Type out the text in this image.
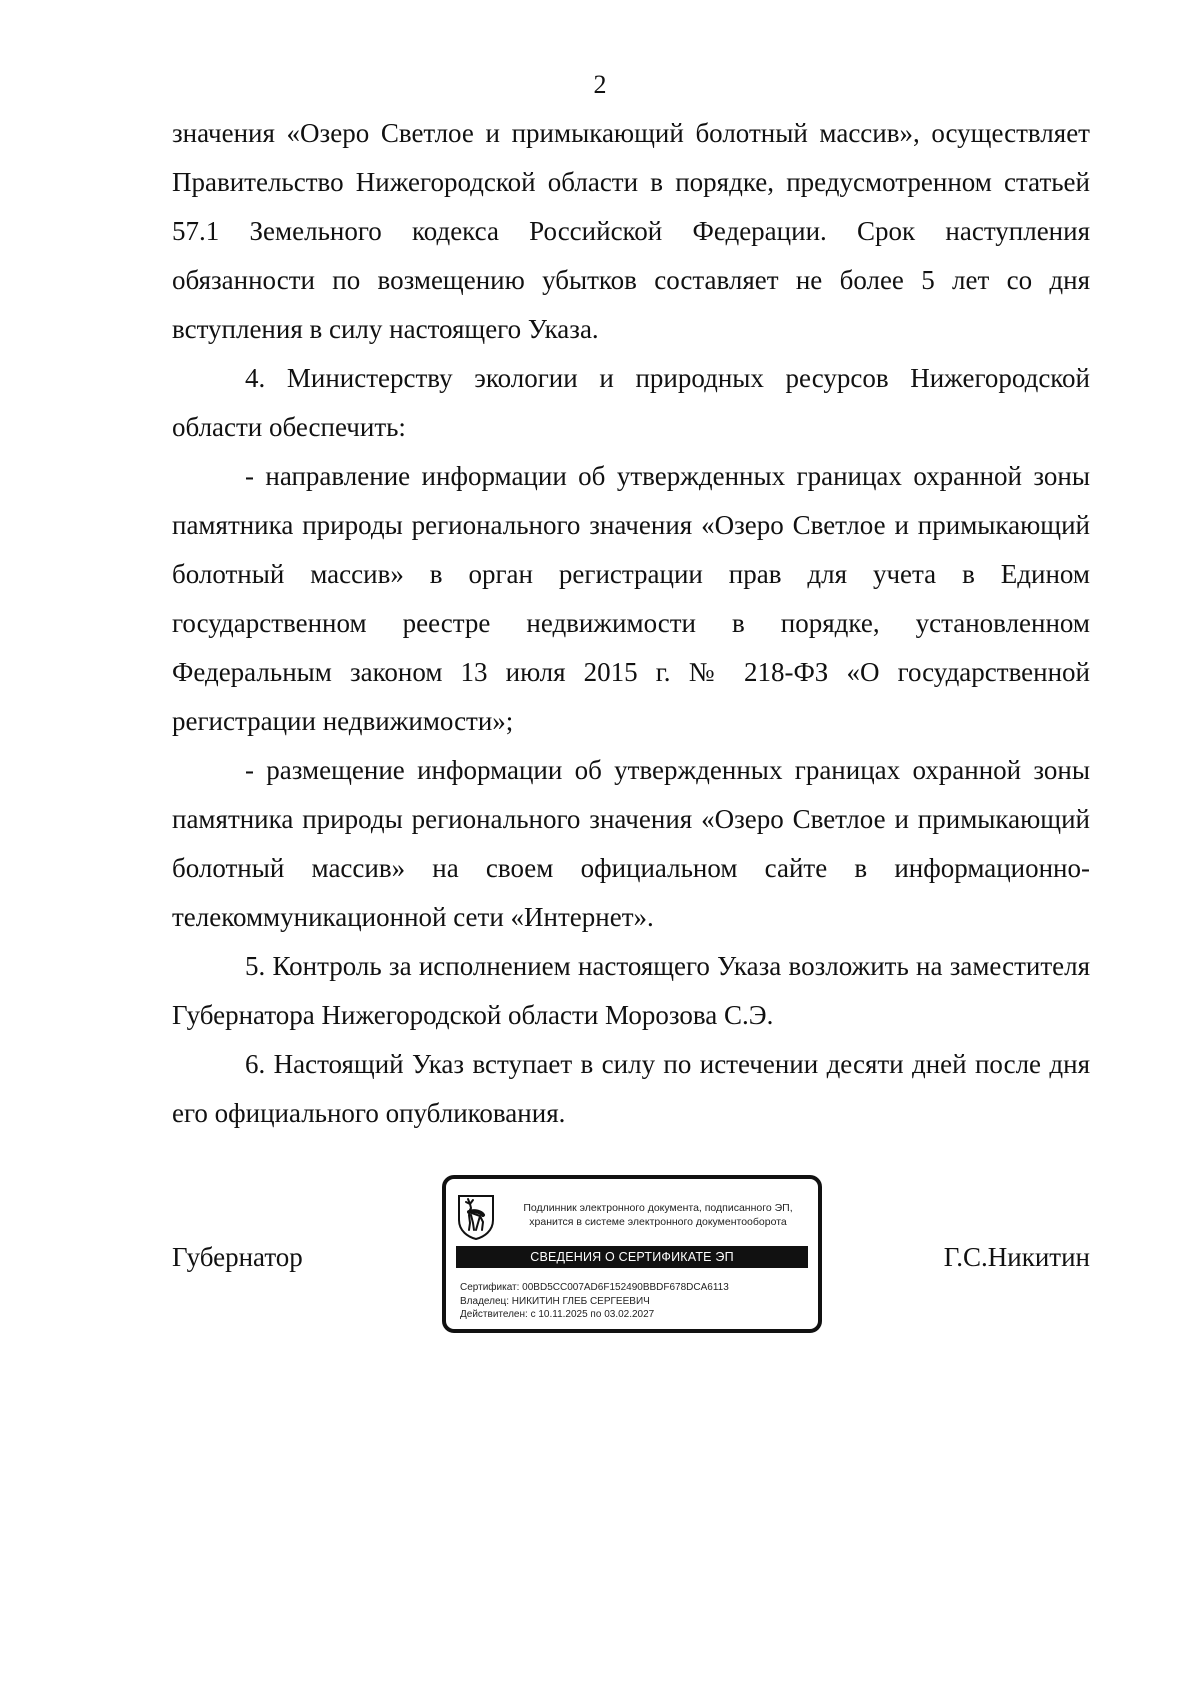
2

значения «Озеро Светлое и примыкающий болотный массив», осуществляет Правительство Нижегородской области в порядке, предусмотренном статьей 57.1 Земельного кодекса Российской Федерации. Срок наступления обязанности по возмещению убытков составляет не более 5 лет со дня вступления в силу настоящего Указа.

4. Министерству экологии и природных ресурсов Нижегородской области обеспечить:

- направление информации об утвержденных границах охранной зоны памятника природы регионального значения «Озеро Светлое и примыкающий болотный массив» в орган регистрации прав для учета в Едином государственном реестре недвижимости в порядке, установленном Федеральным законом 13 июля 2015 г. № 218-ФЗ «О государственной регистрации недвижимости»;

- размещение информации об утвержденных границах охранной зоны памятника природы регионального значения «Озеро Светлое и примыкающий болотный массив» на своем официальном сайте в информационно-телекоммуникационной сети «Интернет».

5. Контроль за исполнением настоящего Указа возложить на заместителя Губернатора Нижегородской области Морозова С.Э.

6. Настоящий Указ вступает в силу по истечении десяти дней после дня его официального опубликования.

Губернатор
Подлинник электронного документа, подписанного ЭП,
хранится в системе электронного документооборота
СВЕДЕНИЯ О СЕРТИФИКАТЕ ЭП
Сертификат: 00BD5CC007AD6F152490BBDF678DCA6113
Владелец: НИКИТИН ГЛЕБ СЕРГЕЕВИЧ
Действителен: с 10.11.2025 по 03.02.2027
Г.С.Никитин
